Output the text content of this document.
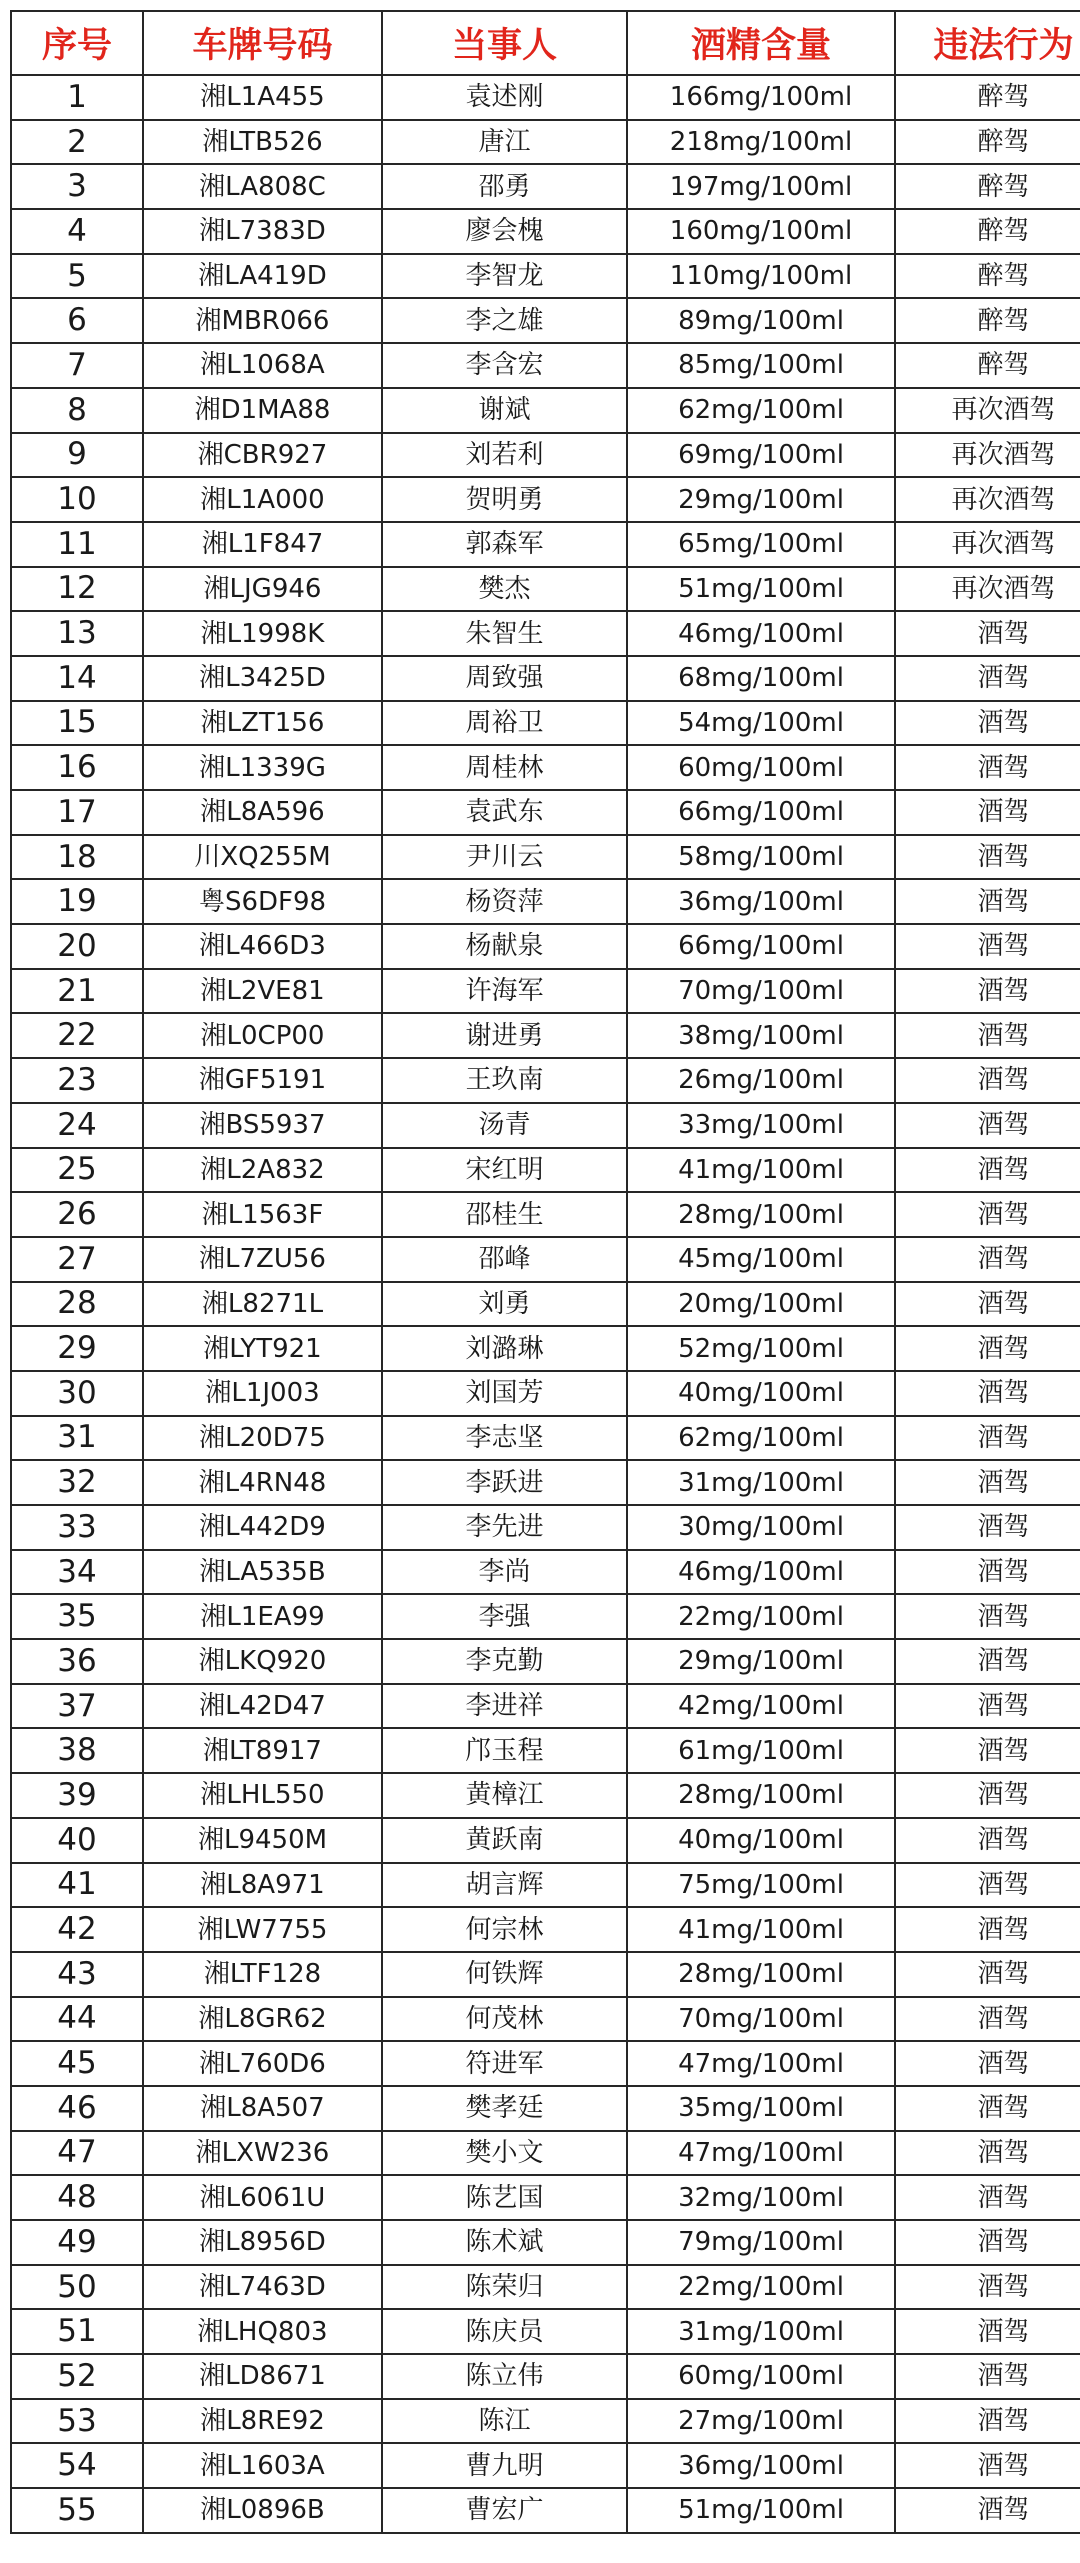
序号	车牌号码	当事人	酒精含量	违法行为
1	湘L1A455	袁述刚	166mg/100ml	醉驾
2	湘LTB526	唐江	218mg/100ml	醉驾
3	湘LA808C	邵勇	197mg/100ml	醉驾
4	湘L7383D	廖会槐	160mg/100ml	醉驾
5	湘LA419D	李智龙	110mg/100ml	醉驾
6	湘MBR066	李之雄	89mg/100ml	醉驾
7	湘L1068A	李含宏	85mg/100ml	醉驾
8	湘D1MA88	谢斌	62mg/100ml	再次酒驾
9	湘CBR927	刘若利	69mg/100ml	再次酒驾
10	湘L1A000	贺明勇	29mg/100ml	再次酒驾
11	湘L1F847	郭森军	65mg/100ml	再次酒驾
12	湘LJG946	樊杰	51mg/100ml	再次酒驾
13	湘L1998K	朱智生	46mg/100ml	酒驾
14	湘L3425D	周致强	68mg/100ml	酒驾
15	湘LZT156	周裕卫	54mg/100ml	酒驾
16	湘L1339G	周桂林	60mg/100ml	酒驾
17	湘L8A596	袁武东	66mg/100ml	酒驾
18	川XQ255M	尹川云	58mg/100ml	酒驾
19	粤S6DF98	杨资萍	36mg/100ml	酒驾
20	湘L466D3	杨献泉	66mg/100ml	酒驾
21	湘L2VE81	许海军	70mg/100ml	酒驾
22	湘L0CP00	谢进勇	38mg/100ml	酒驾
23	湘GF5191	王玖南	26mg/100ml	酒驾
24	湘BS5937	汤青	33mg/100ml	酒驾
25	湘L2A832	宋红明	41mg/100ml	酒驾
26	湘L1563F	邵桂生	28mg/100ml	酒驾
27	湘L7ZU56	邵峰	45mg/100ml	酒驾
28	湘L8271L	刘勇	20mg/100ml	酒驾
29	湘LYT921	刘潞琳	52mg/100ml	酒驾
30	湘L1J003	刘国芳	40mg/100ml	酒驾
31	湘L20D75	李志坚	62mg/100ml	酒驾
32	湘L4RN48	李跃进	31mg/100ml	酒驾
33	湘L442D9	李先进	30mg/100ml	酒驾
34	湘LA535B	李尚	46mg/100ml	酒驾
35	湘L1EA99	李强	22mg/100ml	酒驾
36	湘LKQ920	李克勤	29mg/100ml	酒驾
37	湘L42D47	李进祥	42mg/100ml	酒驾
38	湘LT8917	邝玉程	61mg/100ml	酒驾
39	湘LHL550	黄樟江	28mg/100ml	酒驾
40	湘L9450M	黄跃南	40mg/100ml	酒驾
41	湘L8A971	胡言辉	75mg/100ml	酒驾
42	湘LW7755	何宗林	41mg/100ml	酒驾
43	湘LTF128	何铁辉	28mg/100ml	酒驾
44	湘L8GR62	何茂林	70mg/100ml	酒驾
45	湘L760D6	符进军	47mg/100ml	酒驾
46	湘L8A507	樊孝廷	35mg/100ml	酒驾
47	湘LXW236	樊小文	47mg/100ml	酒驾
48	湘L6061U	陈艺国	32mg/100ml	酒驾
49	湘L8956D	陈术斌	79mg/100ml	酒驾
50	湘L7463D	陈荣归	22mg/100ml	酒驾
51	湘LHQ803	陈庆员	31mg/100ml	酒驾
52	湘LD8671	陈立伟	60mg/100ml	酒驾
53	湘L8RE92	陈江	27mg/100ml	酒驾
54	湘L1603A	曹九明	36mg/100ml	酒驾
55	湘L0896B	曹宏广	51mg/100ml	酒驾
